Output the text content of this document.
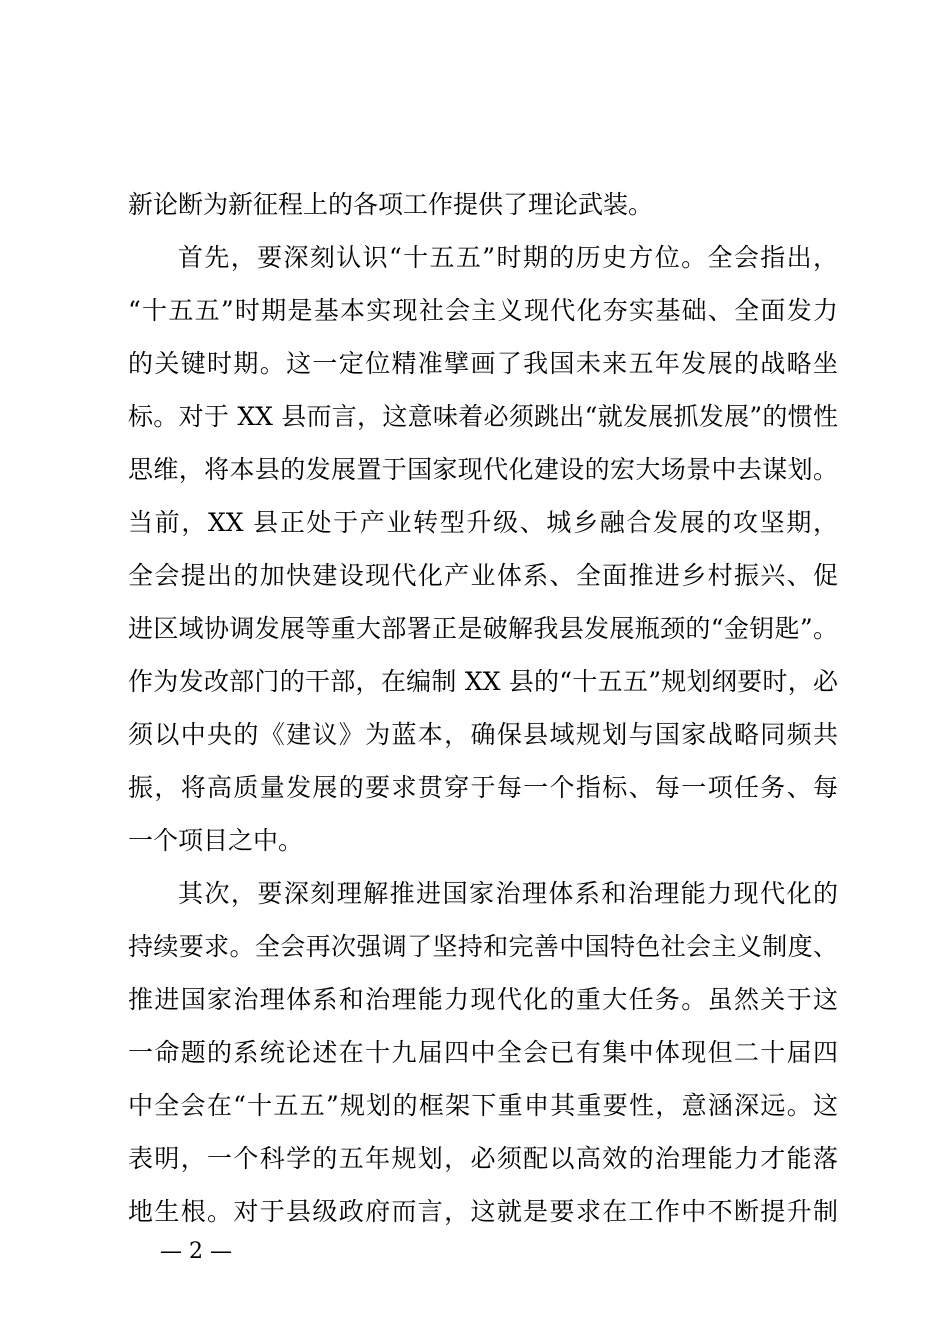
新论断为新征程上的各项工作提供了理论武装。
首先，要深刻认识“十五五”时期的历史方位。全会指出，
“十五五”时期是基本实现社会主义现代化夯实基础、全面发力
的关键时期。这一定位精准擘画了我国未来五年发展的战略坐
标。对于 XX 县而言，这意味着必须跳出“就发展抓发展”的惯性
思维，将本县的发展置于国家现代化建设的宏大场景中去谋划。
当前，XX 县正处于产业转型升级、城乡融合发展的攻坚期，
全会提出的加快建设现代化产业体系、全面推进乡村振兴、促
进区域协调发展等重大部署正是破解我县发展瓶颈的“金钥匙”。
作为发改部门的干部，在编制 XX 县的“十五五”规划纲要时，必
须以中央的《建议》为蓝本，确保县域规划与国家战略同频共
振，将高质量发展的要求贯穿于每一个指标、每一项任务、每
一个项目之中。
其次，要深刻理解推进国家治理体系和治理能力现代化的
持续要求。全会再次强调了坚持和完善中国特色社会主义制度、
推进国家治理体系和治理能力现代化的重大任务。虽然关于这
一命题的系统论述在十九届四中全会已有集中体现但二十届四
中全会在“十五五”规划的框架下重申其重要性，意涵深远。这
表明，一个科学的五年规划，必须配以高效的治理能力才能落
地生根。对于县级政府而言，这就是要求在工作中不断提升制
— 2 —
